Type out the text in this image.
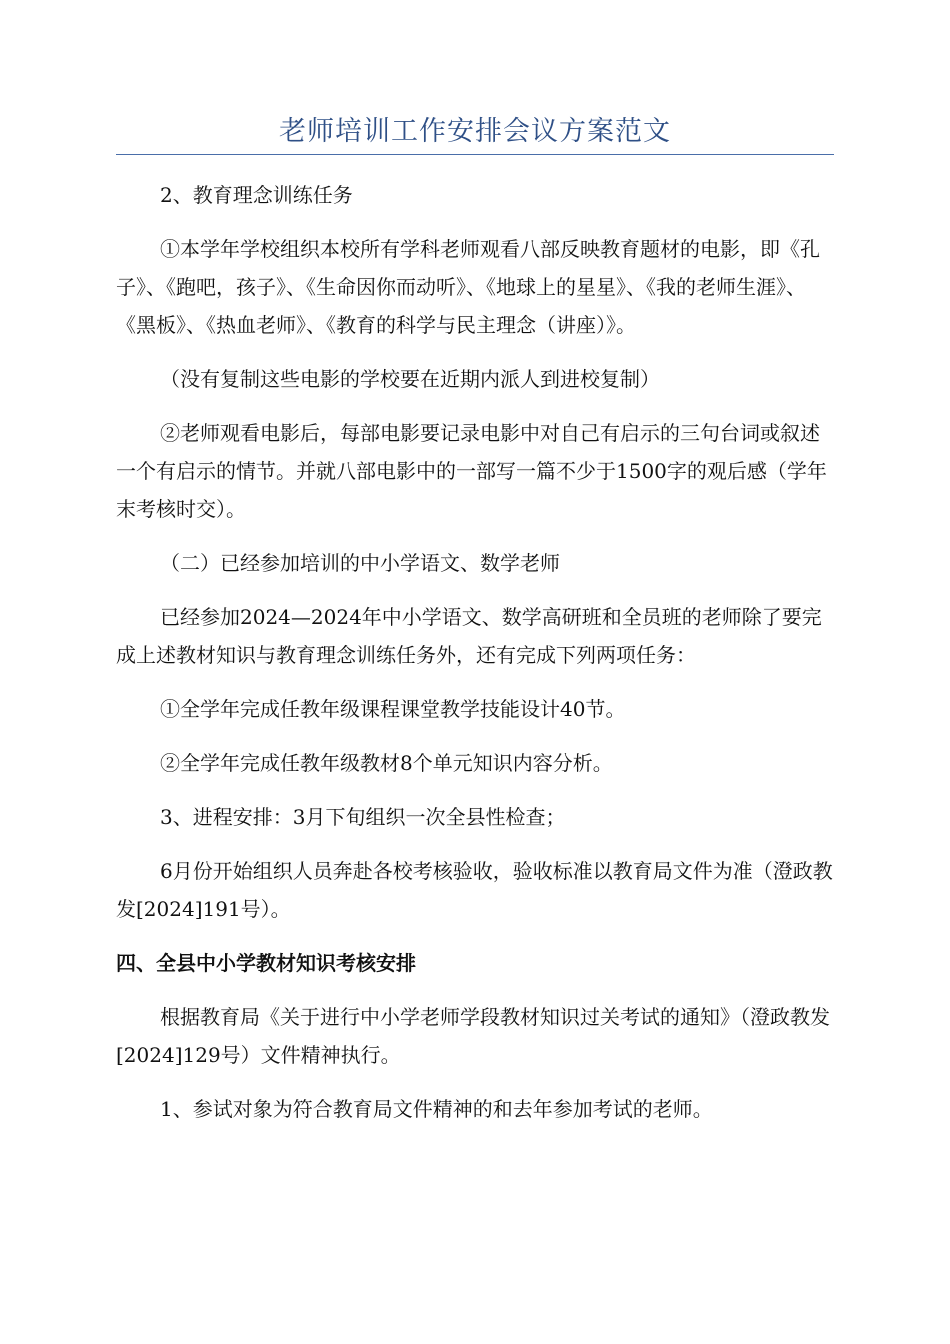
老师培训工作安排会议方案范文

2、教育理念训练任务

①本学年学校组织本校所有学科老师观看八部反映教育题材的电影，即《孔子》、《跑吧，孩子》、《生命因你而动听》、《地球上的星星》、《我的老师生涯》、《黑板》、《热血老师》、《教育的科学与民主理念（讲座）》。

（没有复制这些电影的学校要在近期内派人到进校复制）

②老师观看电影后，每部电影要记录电影中对自己有启示的三句台词或叙述一个有启示的情节。并就八部电影中的一部写一篇不少于1500字的观后感（学年末考核时交）。

（二）已经参加培训的中小学语文、数学老师

已经参加2024—2024年中小学语文、数学高研班和全员班的老师除了要完成上述教材知识与教育理念训练任务外，还有完成下列两项任务：

①全学年完成任教年级课程课堂教学技能设计40节。

②全学年完成任教年级教材8个单元知识内容分析。

3、进程安排：3月下旬组织一次全县性检查；

6月份开始组织人员奔赴各校考核验收，验收标准以教育局文件为准（澄政教发[2024]191号）。

四、全县中小学教材知识考核安排

根据教育局《关于进行中小学老师学段教材知识过关考试的通知》（澄政教发[2024]129号）文件精神执行。

1、参试对象为符合教育局文件精神的和去年参加考试的老师。
